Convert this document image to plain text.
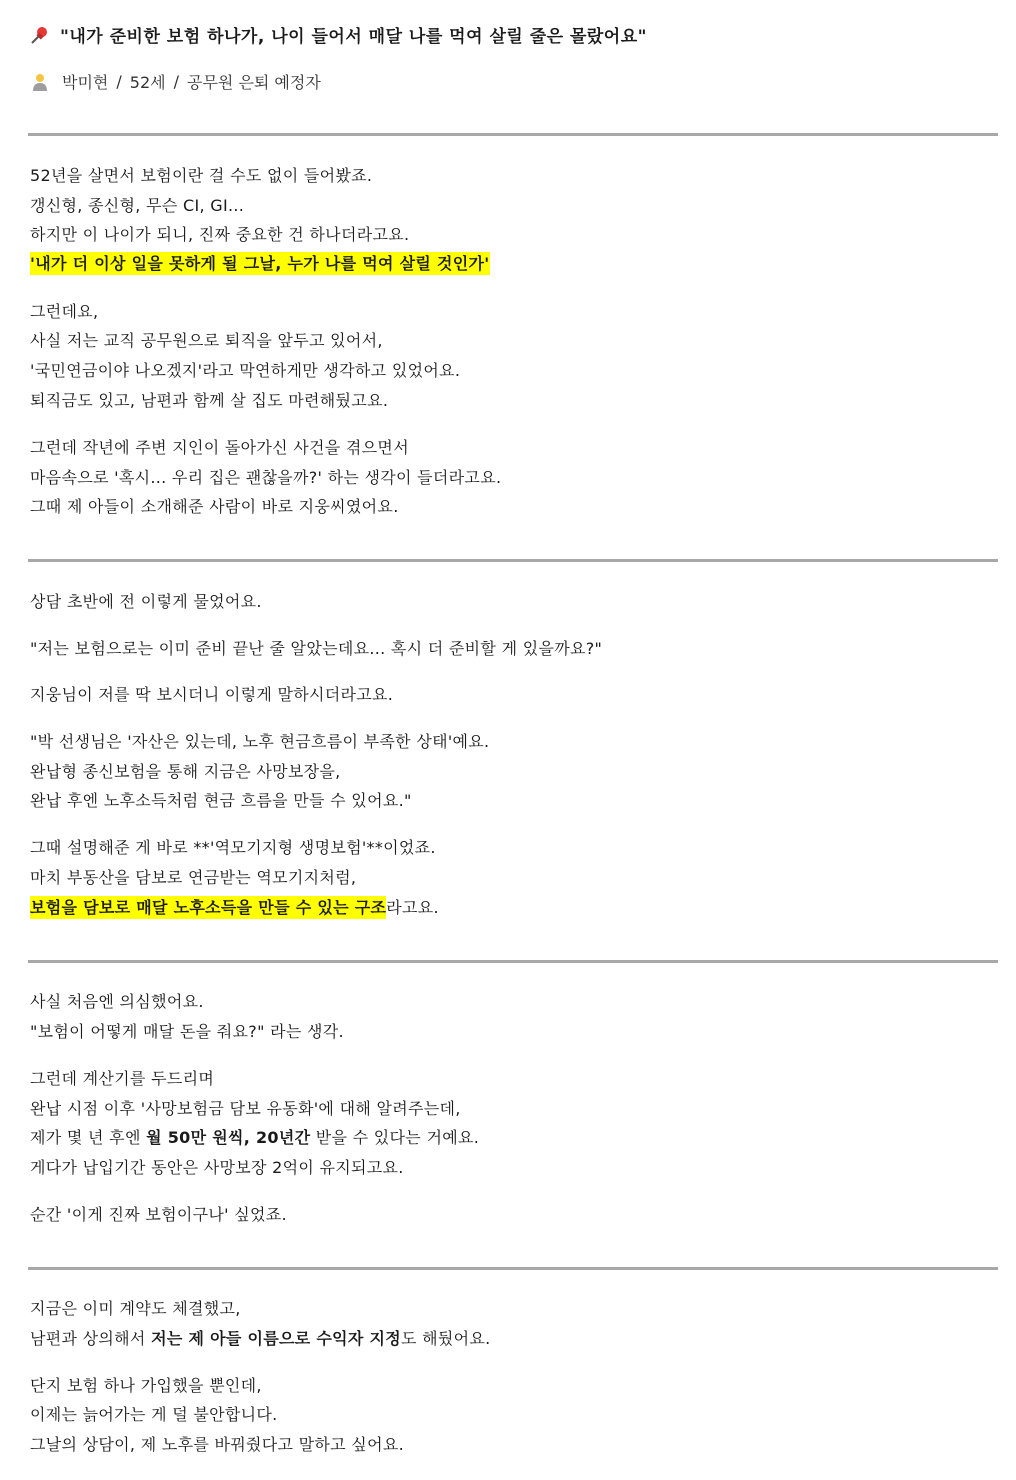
"내가 준비한 보험 하나가, 나이 들어서 매달 나를 먹여 살릴 줄은 몰랐어요"
박미현 / 52세 / 공무원 은퇴 예정자
52년을 살면서 보험이란 걸 수도 없이 들어봤죠.
갱신형, 종신형, 무슨 CI, GI...
하지만 이 나이가 되니, 진짜 중요한 건 하나더라고요.
'내가 더 이상 일을 못하게 될 그날, 누가 나를 먹여 살릴 것인가'
그런데요,
사실 저는 교직 공무원으로 퇴직을 앞두고 있어서,
'국민연금이야 나오겠지'라고 막연하게만 생각하고 있었어요.
퇴직금도 있고, 남편과 함께 살 집도 마련해뒀고요.
그런데 작년에 주변 지인이 돌아가신 사건을 겪으면서
마음속으로 '혹시... 우리 집은 괜찮을까?' 하는 생각이 들더라고요.
그때 제 아들이 소개해준 사람이 바로 지웅씨였어요.
상담 초반에 전 이렇게 물었어요.
"저는 보험으로는 이미 준비 끝난 줄 알았는데요... 혹시 더 준비할 게 있을까요?"
지웅님이 저를 딱 보시더니 이렇게 말하시더라고요.
"박 선생님은 '자산은 있는데, 노후 현금흐름이 부족한 상태'예요.
완납형 종신보험을 통해 지금은 사망보장을,
완납 후엔 노후소득처럼 현금 흐름을 만들 수 있어요."
그때 설명해준 게 바로 **'역모기지형 생명보험'**이었죠.
마치 부동산을 담보로 연금받는 역모기지처럼,
보험을 담보로 매달 노후소득을 만들 수 있는 구조라고요.
사실 처음엔 의심했어요.
"보험이 어떻게 매달 돈을 줘요?" 라는 생각.
그런데 계산기를 두드리며
완납 시점 이후 '사망보험금 담보 유동화'에 대해 알려주는데,
제가 몇 년 후엔 월 50만 원씩, 20년간 받을 수 있다는 거예요.
게다가 납입기간 동안은 사망보장 2억이 유지되고요.
순간 '이게 진짜 보험이구나' 싶었죠.
지금은 이미 계약도 체결했고,
남편과 상의해서 저는 제 아들 이름으로 수익자 지정도 해뒀어요.
단지 보험 하나 가입했을 뿐인데,
이제는 늙어가는 게 덜 불안합니다.
그날의 상담이, 제 노후를 바꿔줬다고 말하고 싶어요.
